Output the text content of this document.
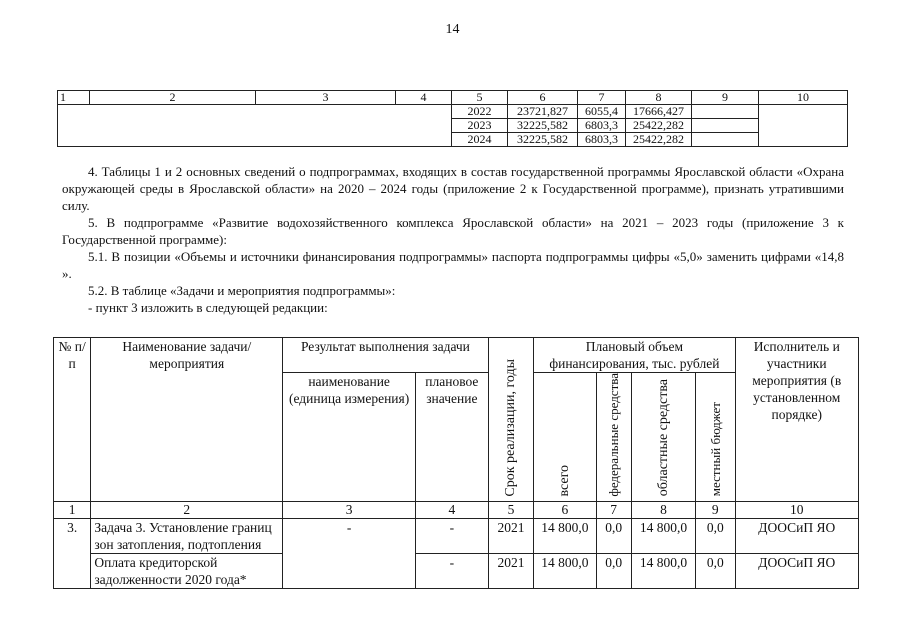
14
1	2	3	4	5	6	7	8	9	10
				2022	23721,827	6055,4	17666,427		
				2023	32225,582	6803,3	25422,282		
				2024	32225,582	6803,3	25422,282		

4. Таблицы 1 и 2 основных сведений о подпрограммах, входящих в состав государственной программы Ярославской области «Охрана окружающей среды в Ярославской области» на 2020 – 2024 годы (приложение 2 к Государственной программе), признать утратившими силу.

5. В подпрограмме «Развитие водохозяйственного комплекса Ярославской области» на 2021 – 2023 годы (приложение 3 к Государственной программе):

5.1. В позиции «Объемы и источники финансирования подпрограммы» паспорта подпрограммы цифры «5,0» заменить цифрами «14,8 ».

5.2. В таблице «Задачи и мероприятия подпрограммы»:

- пункт 3 изложить в следующей редакции:

№ п/п	Наименование задачи/мероприятия	Результат выполнения задачи		Срок реализации, годы	Плановый объем финансирования, тыс. рублей				Исполнитель и участники мероприятия (в установленном порядке)
		наименование (единица измерения)	плановое значение		всего	федеральные средства	областные средства	местный бюджет	

1	2	3	4	5	6	7	8	9	10
3.	Задача 3. Установление границ зон затопления, подтопления	-	-	2021	14 800,0	0,0	14 800,0	0,0	ДООСиП ЯО
	Оплата кредиторской задолженности 2020 года*		-	2021	14 800,0	0,0	14 800,0	0,0	ДООСиП ЯО
